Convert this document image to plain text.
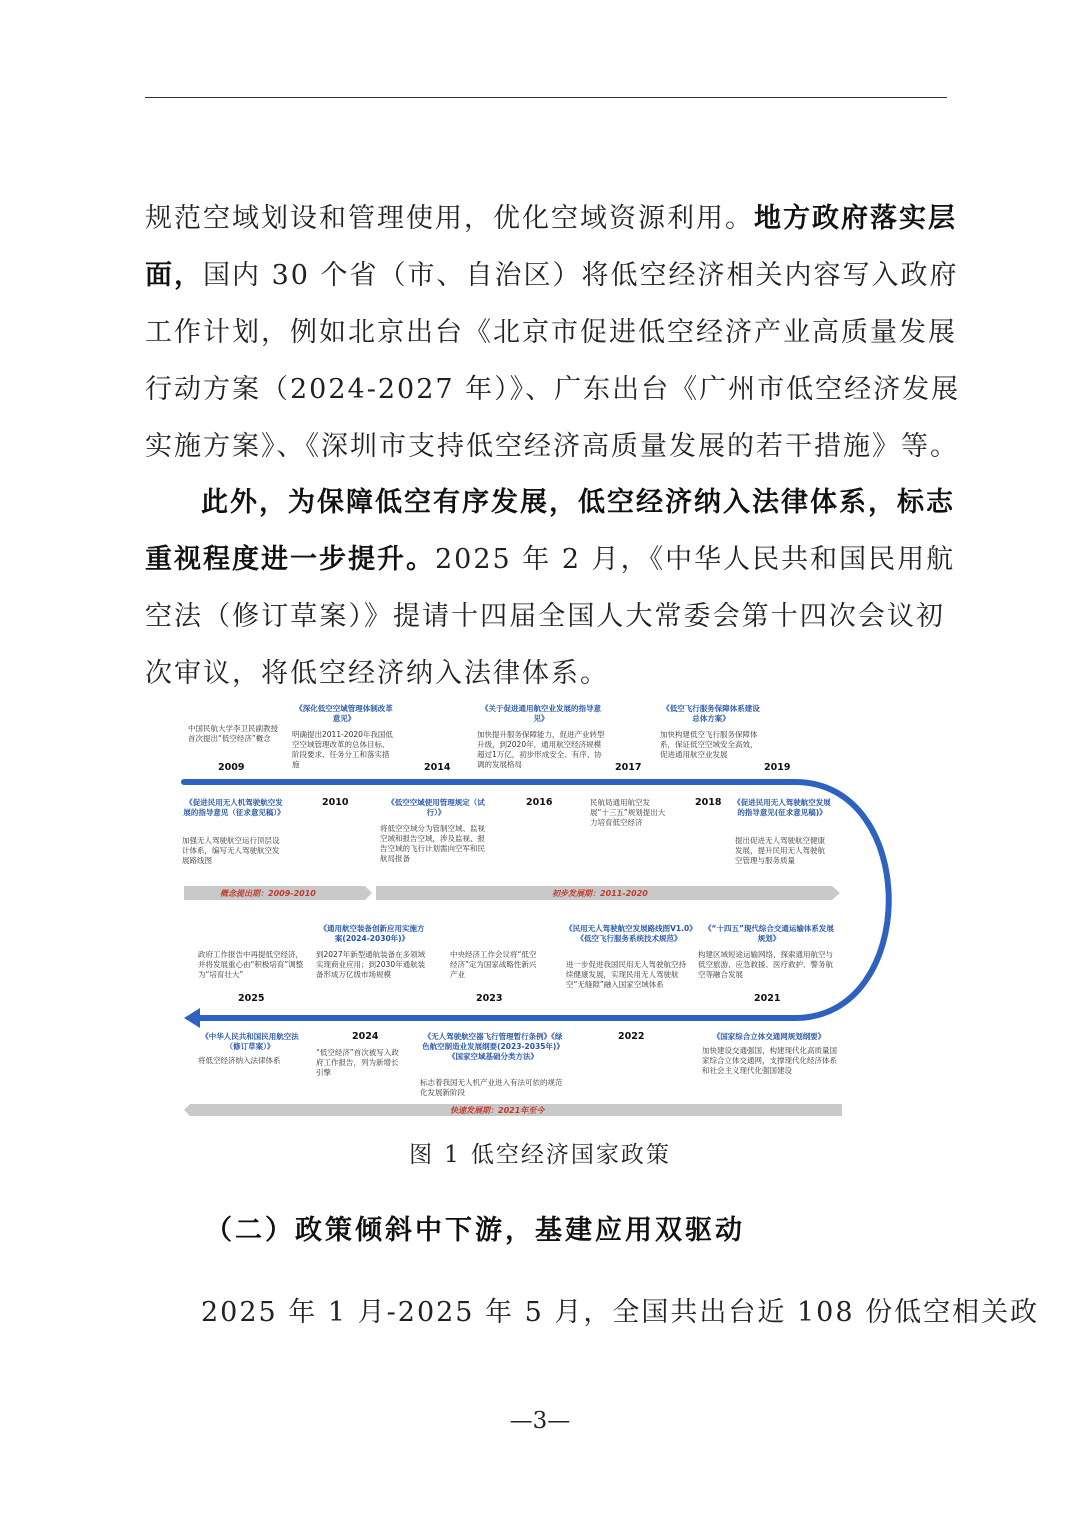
规范空域划设和管理使用，优化空域资源利用。地方政府落实层
面，国内 30 个省（市、自治区）将低空经济相关内容写入政府
工作计划，例如北京出台《北京市促进低空经济产业高质量发展
行动方案（2024-2027 年）》、广东出台《广州市低空经济发展
实施方案》、《深圳市支持低空经济高质量发展的若干措施》等。
此外，为保障低空有序发展，低空经济纳入法律体系，标志
重视程度进一步提升。2025 年 2 月，《中华人民共和国民用航
空法（修订草案）》提请十四届全国人大常委会第十四次会议初
次审议，将低空经济纳入法律体系。
概念提出期：2009-2010	初步发展期：2011-2020
快速发展期：2021年至今
中国民航大学李卫民副教授首次提出“低空经济”概念
2009
《深化低空空域管理体制改革意见》
明确提出2011-2020年我国低空空域管理改革的总体目标、阶段要求、任务分工和落实措施	2014
《关于促进通用航空业发展的指导意见》
加快提升服务保障能力，促进产业转型升级，到2020年，通用航空经济规模超过1万亿，初步形成安全、有序、协调的发展格局	2017
《低空飞行服务保障体系建设总体方案》
加快构建低空飞行服务保障体系，保证低空空域安全高效，促进通用航空业发展
2019
《促进民用无人机驾驶航空发展的指导意见（征求意见稿）》
加强无人驾驶航空运行顶层设计体系，编写无人驾驶航空发展路线图
2010	《低空空域使用管理规定（试行）》
将低空空域分为管制空域、监视空域和报告空域，涉及监视、报告空域的飞行计划需向空军和民航局报备
2016	民航局通用航空发展“十三五”规划提出大力培育低空经济
2018 《促进民用无人驾驶航空发展的指导意见(征求意见稿)》
提出促进无人驾驶航空健康发展，提升民用无人驾驶航空管理与服务质量
政府工作报告中再提低空经济，并将发展重心由“积极培育”调整为“培育壮大”
2025
《通用航空装备创新应用实施方案(2024-2030年)》
到2027年新型通航装备在多领域实现商业应用；到2030年通航装备形成万亿级市场规模
中央经济工作会议将“低空经济”定为国家战略性新兴产业
2023
《民用无人驾驶航空发展路线图V1.0》《低空飞行服务系统技术规范》
进一步促进我国民用无人驾驶航空持续健康发展，实现民用无人驾驶航空“无缝隙”融入国家空域体系
《“十四五”现代综合交通运输体系发展规划》
构建区域短途运输网络，探索通用航空与低空旅游、应急救援、医疗救护、警务航空等融合发展
2021
《中华人民共和国民用航空法（修订草案）》
将低空经济纳入法律体系
2024
“低空经济”首次被写入政府工作报告，列为新增长引擎
《无人驾驶航空器飞行管理暂行条例》《绿色航空制造业发展纲要(2023-2035年)》《国家空域基础分类方法》
标志着我国无人机产业进入有法可依的规范化发展新阶段
2022	《国家综合立体交通网规划纲要》
加快建设交通强国，构建现代化高质量国家综合立体交通网，支撑现代化经济体系和社会主义现代化强国建设
图 1 低空经济国家政策
（二）政策倾斜中下游，基建应用双驱动
2025 年 1 月-2025 年 5 月，全国共出台近 108 份低空相关政
—3—
